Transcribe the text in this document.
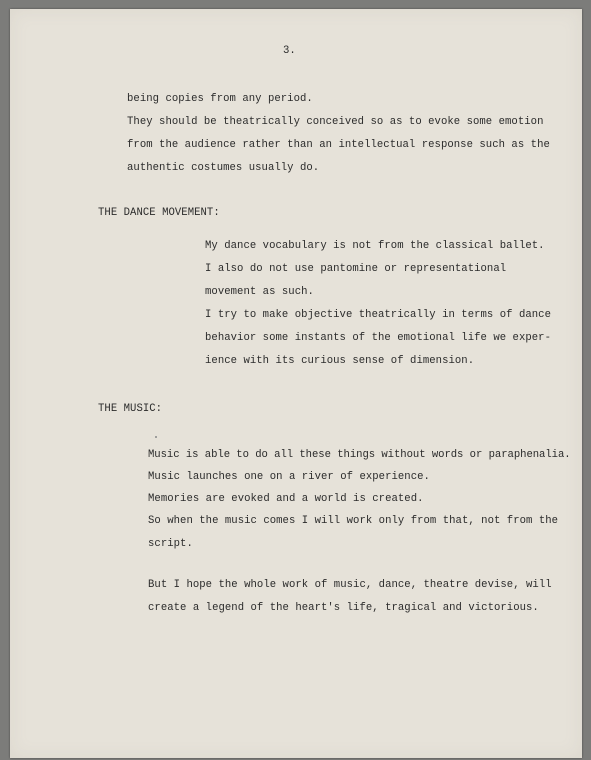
3.
being copies from any period.
They should be theatrically conceived so as to evoke some emotion
from the audience rather than an intellectual response such as the
authentic costumes usually do.
THE DANCE MOVEMENT:
My dance vocabulary is not from the classical ballet.
I also do not use pantomine or representational
movement as such.
I try to make objective theatrically in terms of dance
behavior some instants of the emotional life we exper-
ience with its curious sense of dimension.
THE MUSIC:
Music is able to do all these things without words or paraphenalia.
Music launches one on a river of experience.
Memories are evoked and a world is created.
So when the music comes I will work only from that, not from the
script.
But I hope the whole work of music, dance, theatre devise, will
create a legend of the heart's life, tragical and victorious.
